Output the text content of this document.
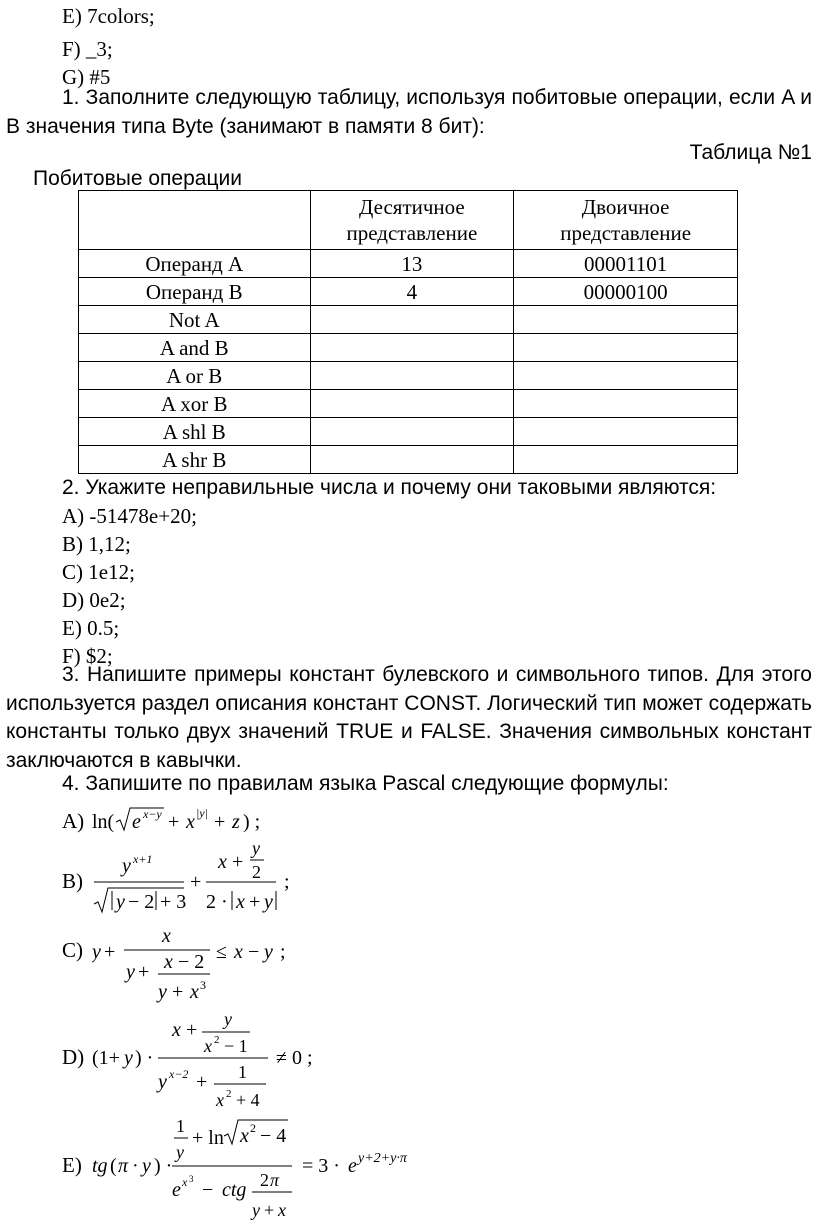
E) 7colors;
F) _3;
G) #5
1. Заполните следующую таблицу, используя побитовые операции, если A и B значения типа Byte (занимают в памяти 8 бит):
Таблица №1
Побитовые операции
	Десятичное представление	Двоичное представление
Операнд A	13	00001101
Операнд B	4	00000100
Not A		
A and B		
A or B		
A xor B		
A shl B		
A shr B		
2. Укажите неправильные числа и почему они таковыми являются:
A) -51478e+20;
B) 1,12;
C) 1e12;
D) 0e2;
E) 0.5;
F) $2;
3. Напишите примеры констант булевского и символьного типов. Для этого используется раздел описания констант CONST. Логический тип может содержать константы только двух значений TRUE и FALSE. Значения символьных констант заключаются в кавычки.
4. Запишите по правилам языка Pascal следующие формулы:
A)
B)
C)
D)
E)
ln( e x−y + x |y| + z ) ;
y x+1
y − 2 + 3
+
x +
y
2
2 · x + y
;
y +
x
y + x − 2
y + x 3
≤ x − y ;
(1+ y ) ·
x + y
x 2 − 1
y x−2 + 1
x 2 + 4
≠ 0 ;
tg ( π · y ) ·
1
y
+ ln x 2 − 4
e x 3 − ctg 2 π
y + x
= 3 · e y+2+y·π
